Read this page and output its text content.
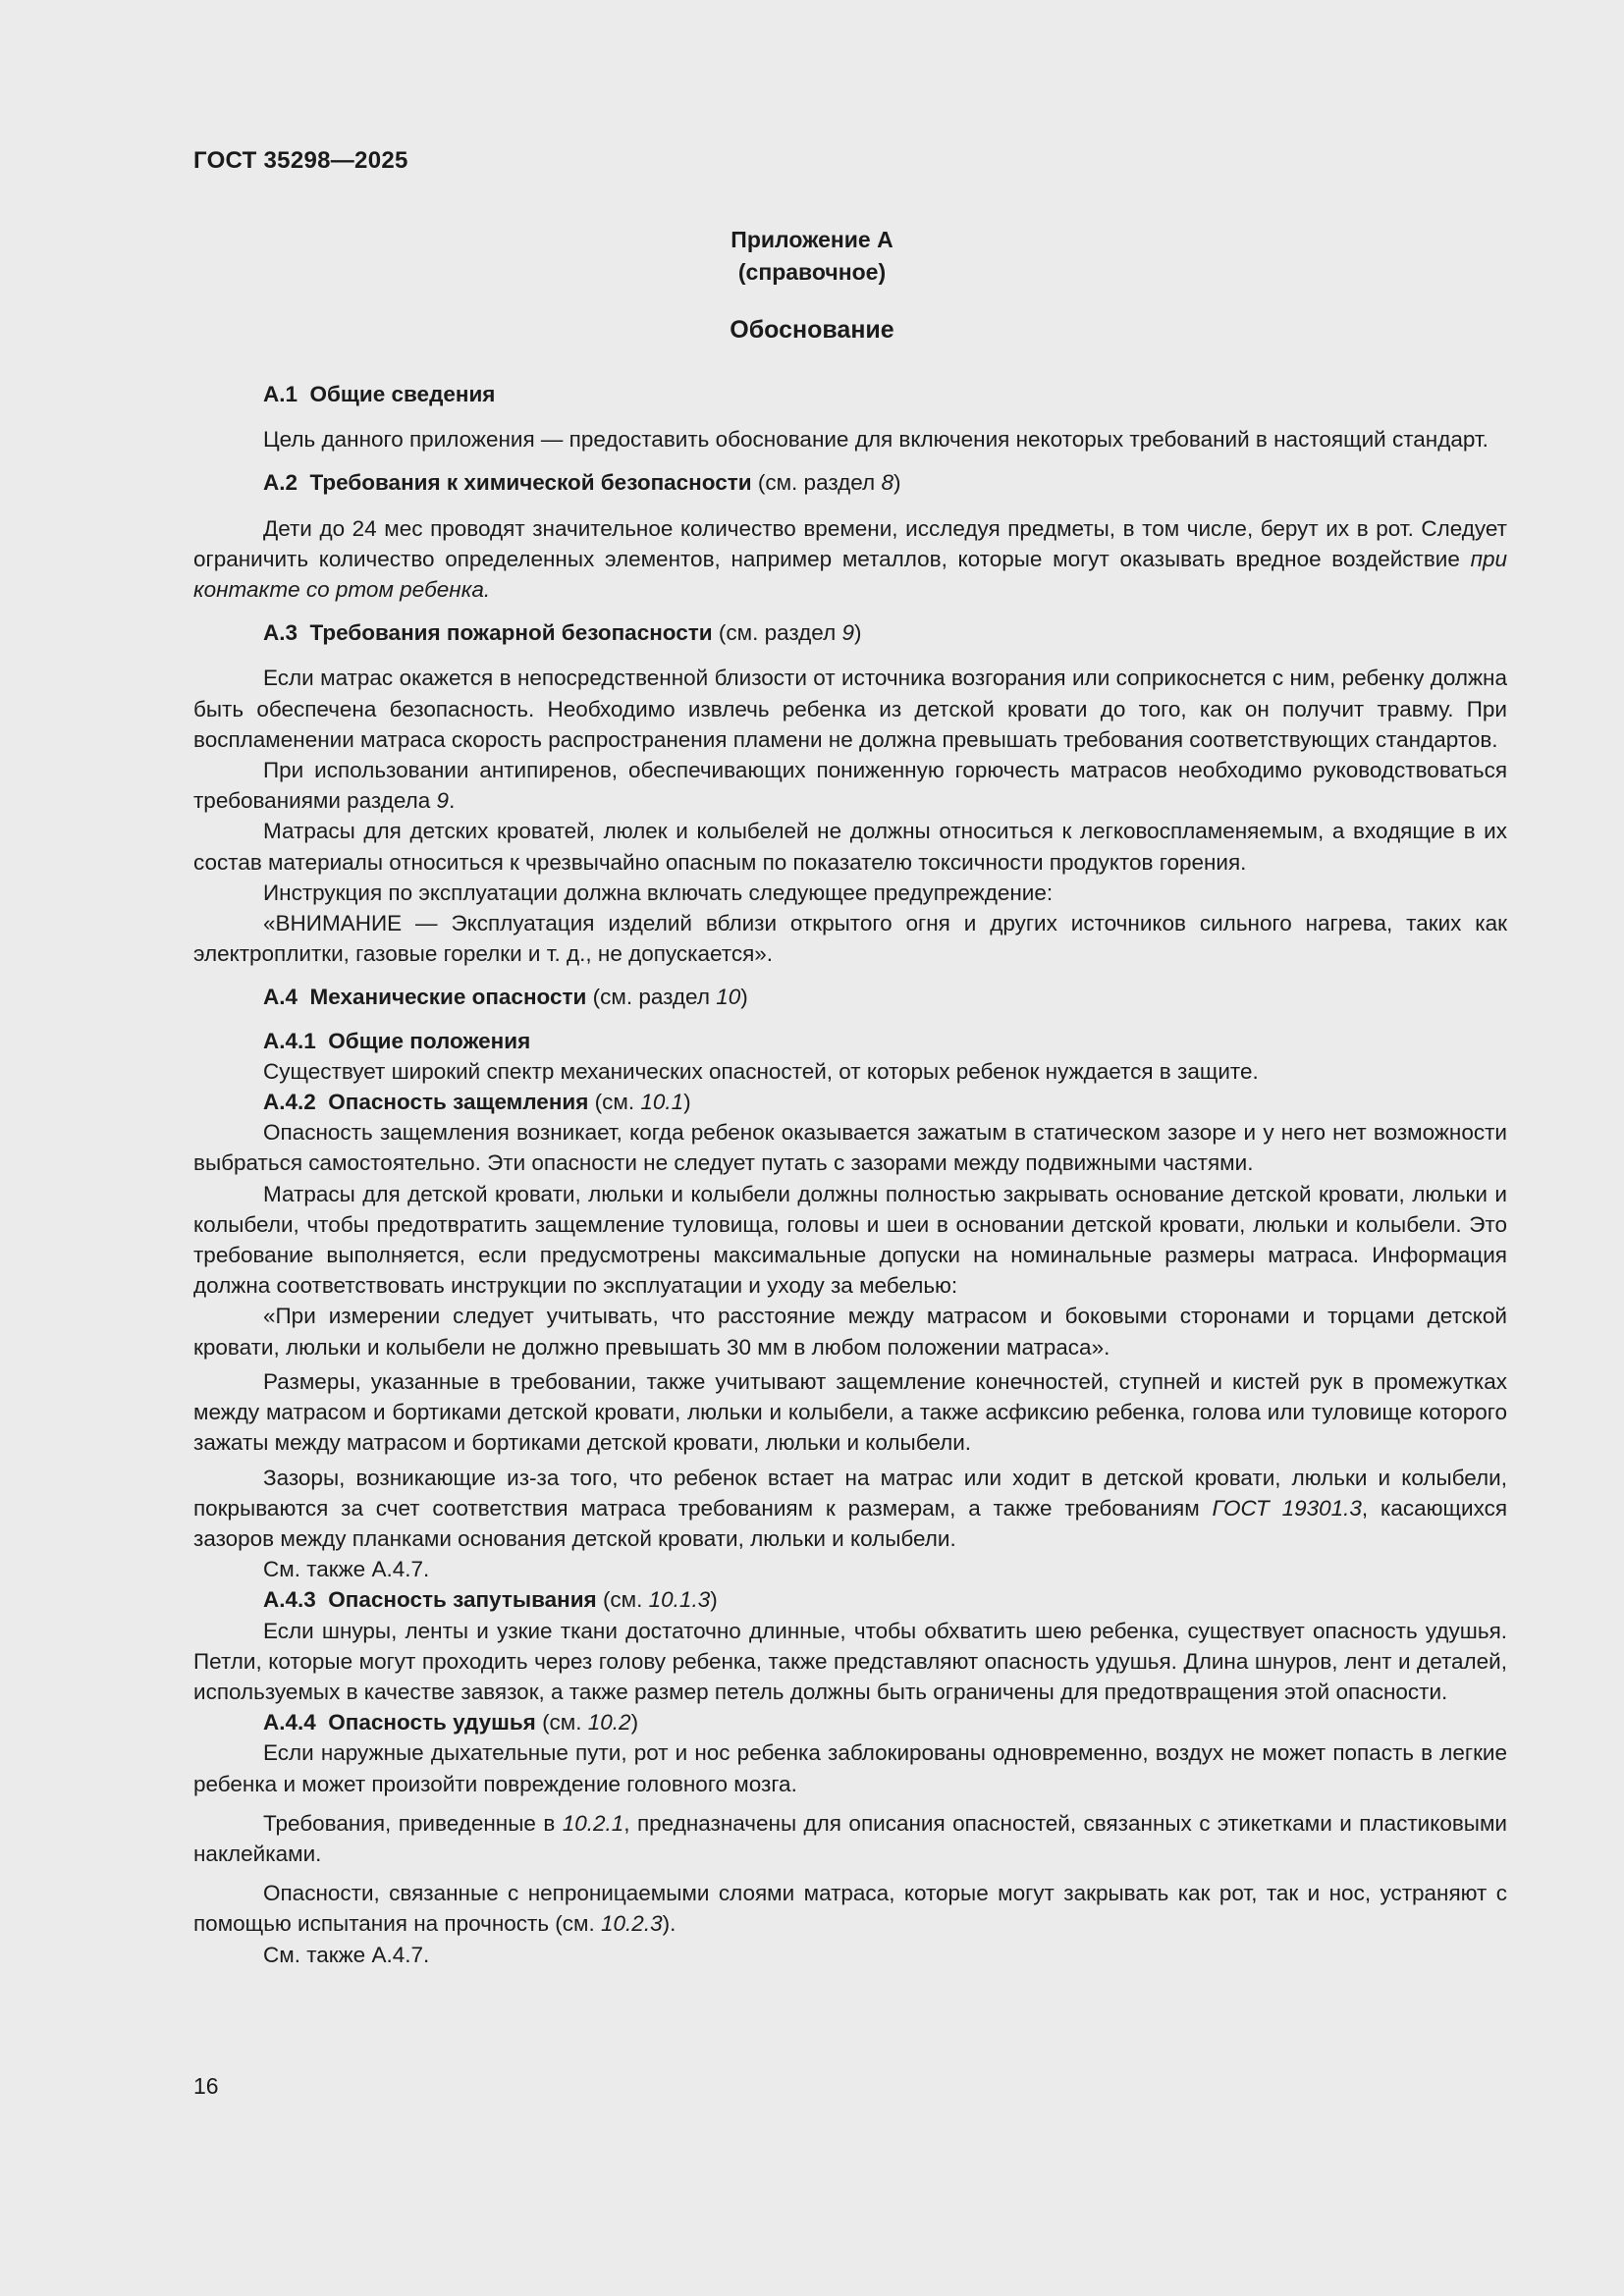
ГОСТ 35298—2025
Приложение А
(справочное)
Обоснование

А.1 Общие сведения

Цель данного приложения — предоставить обоснование для включения некоторых требований в настоящий стандарт.

А.2 Требования к химической безопасности (см. раздел 8)

Дети до 24 мес проводят значительное количество времени, исследуя предметы, в том числе, берут их в рот. Следует ограничить количество определенных элементов, например металлов, которые могут оказывать вредное воздействие при контакте со ртом ребенка.

А.3 Требования пожарной безопасности (см. раздел 9)

Если матрас окажется в непосредственной близости от источника возгорания или соприкоснется с ним, ребенку должна быть обеспечена безопасность. Необходимо извлечь ребенка из детской кровати до того, как он получит травму. При воспламенении матраса скорость распространения пламени не должна превышать требования соответствующих стандартов.

При использовании антипиренов, обеспечивающих пониженную горючесть матрасов необходимо руководствоваться требованиями раздела 9.

Матрасы для детских кроватей, люлек и колыбелей не должны относиться к легковоспламеняемым, а входящие в их состав материалы относиться к чрезвычайно опасным по показателю токсичности продуктов горения.

Инструкция по эксплуатации должна включать следующее предупреждение:

«ВНИМАНИЕ — Эксплуатация изделий вблизи открытого огня и других источников сильного нагрева, таких как электроплитки, газовые горелки и т. д., не допускается».

А.4 Механические опасности (см. раздел 10)

А.4.1 Общие положения

Существует широкий спектр механических опасностей, от которых ребенок нуждается в защите.

А.4.2 Опасность защемления (см. 10.1)

Опасность защемления возникает, когда ребенок оказывается зажатым в статическом зазоре и у него нет возможности выбраться самостоятельно. Эти опасности не следует путать с зазорами между подвижными частями.

Матрасы для детской кровати, люльки и колыбели должны полностью закрывать основание детской кровати, люльки и колыбели, чтобы предотвратить защемление туловища, головы и шеи в основании детской кровати, люльки и колыбели. Это требование выполняется, если предусмотрены максимальные допуски на номинальные размеры матраса. Информация должна соответствовать инструкции по эксплуатации и уходу за мебелью:

«При измерении следует учитывать, что расстояние между матрасом и боковыми сторонами и торцами детской кровати, люльки и колыбели не должно превышать 30 мм в любом положении матраса».

Размеры, указанные в требовании, также учитывают защемление конечностей, ступней и кистей рук в промежутках между матрасом и бортиками детской кровати, люльки и колыбели, а также асфиксию ребенка, голова или туловище которого зажаты между матрасом и бортиками детской кровати, люльки и колыбели.

Зазоры, возникающие из-за того, что ребенок встает на матрас или ходит в детской кровати, люльки и колыбели, покрываются за счет соответствия матраса требованиям к размерам, а также требованиям ГОСТ 19301.3, касающихся зазоров между планками основания детской кровати, люльки и колыбели.

См. также А.4.7.

А.4.3 Опасность запутывания (см. 10.1.3)

Если шнуры, ленты и узкие ткани достаточно длинные, чтобы обхватить шею ребенка, существует опасность удушья. Петли, которые могут проходить через голову ребенка, также представляют опасность удушья. Длина шнуров, лент и деталей, используемых в качестве завязок, а также размер петель должны быть ограничены для предотвращения этой опасности.

А.4.4 Опасность удушья (см. 10.2)

Если наружные дыхательные пути, рот и нос ребенка заблокированы одновременно, воздух не может попасть в легкие ребенка и может произойти повреждение головного мозга.

Требования, приведенные в 10.2.1, предназначены для описания опасностей, связанных с этикетками и пластиковыми наклейками.

Опасности, связанные с непроницаемыми слоями матраса, которые могут закрывать как рот, так и нос, устраняют с помощью испытания на прочность (см. 10.2.3).

См. также А.4.7.

16
